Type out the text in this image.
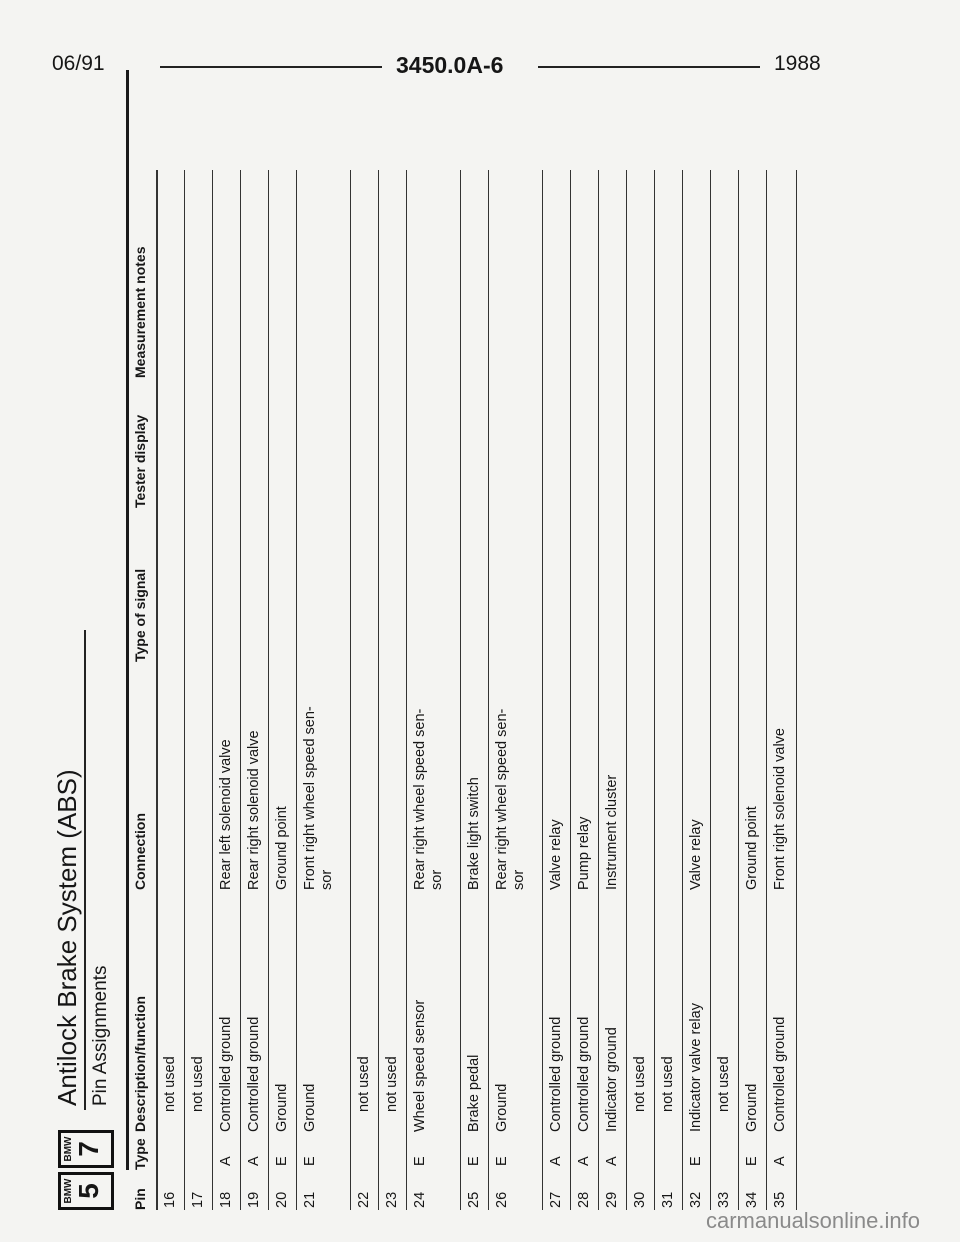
06/91	3450.0A-6	1988
BMW 5
BMW 7
Antilock Brake System (ABS) Pin Assignments
Pin
Type
Description/function
Connection
Type of signal
Tester display
Measurement notes
16
not used
17
not used
18
A
Controlled ground
Rear left solenoid valve
19
A
Controlled ground
Rear right solenoid valve
20
E
Ground
Ground point
21
E
Ground
Front right wheel speed sen-
sor
22
not used
23
not used
24
E
Wheel speed sensor
Rear right wheel speed sen-
sor
25
E
Brake pedal
Brake light switch
26
E
Ground
Rear right wheel speed sen-
sor
27
A
Controlled ground
Valve relay
28
A
Controlled ground
Pump relay
29
A
Indicator ground
Instrument cluster
30
not used
31
not used
32
E
Indicator valve relay
Valve relay
33
not used
34
E
Ground
Ground point
35
A
Controlled ground
Front right solenoid valve
carmanualsonline.info
